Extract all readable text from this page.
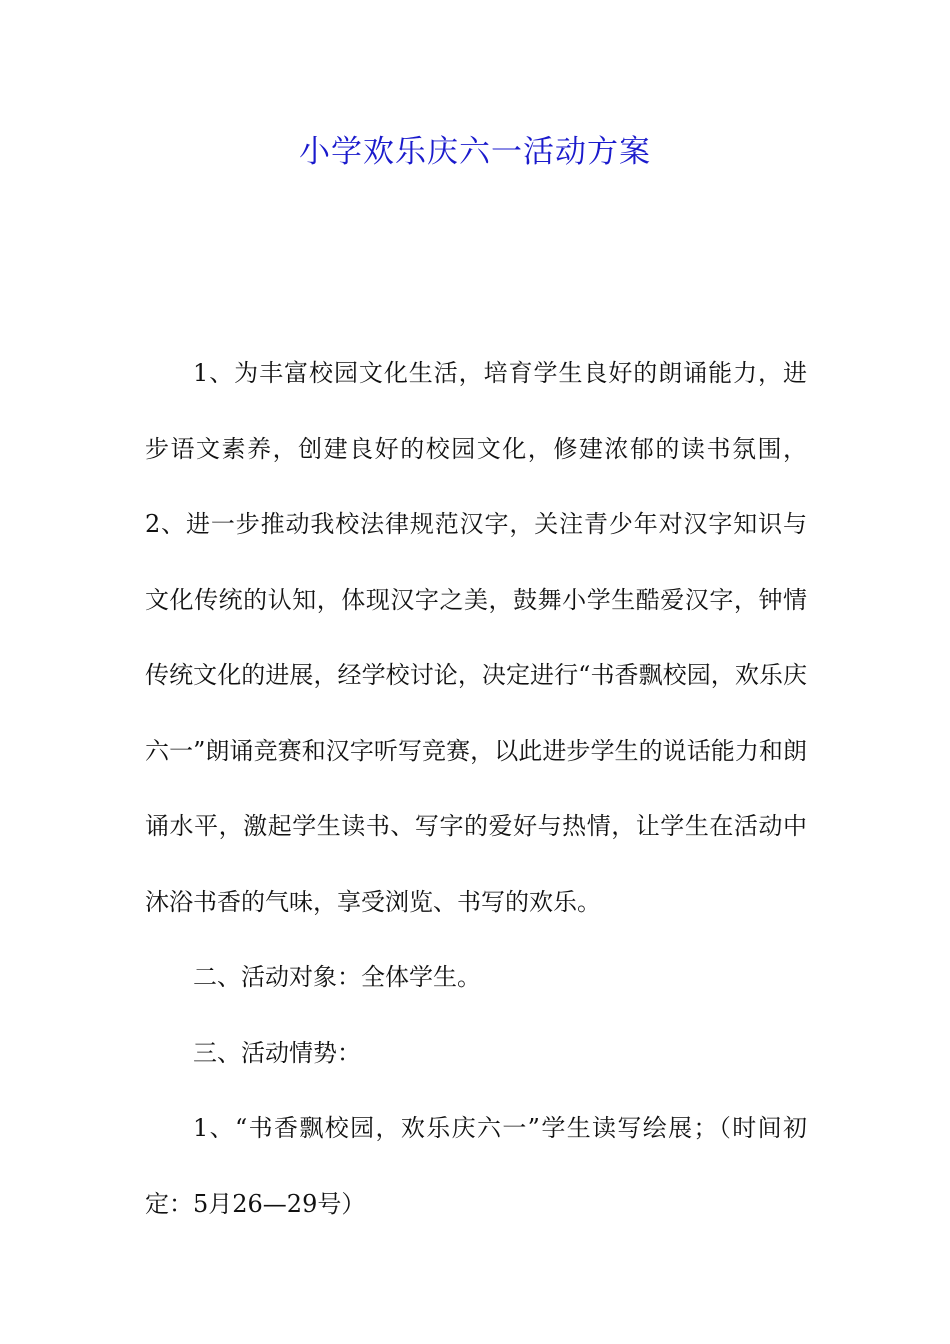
小学欢乐庆六一活动方案

1、为丰富校园文化生活，培育学生良好的朗诵能力，进步语文素养，创建良好的校园文化，修建浓郁的读书氛围，2、进一步推动我校法律规范汉字，关注青少年对汉字知识与文化传统的认知，体现汉字之美，鼓舞小学生酷爱汉字，钟情传统文化的进展，经学校讨论，决定进行“书香飘校园，欢乐庆六一”朗诵竞赛和汉字听写竞赛，以此进步学生的说话能力和朗诵水平，激起学生读书、写字的爱好与热情，让学生在活动中沐浴书香的气味，享受浏览、书写的欢乐。

二、活动对象：全体学生。

三、活动情势：

1、“书香飘校园，欢乐庆六一”学生读写绘展；（时间初定：5月26—29号）
